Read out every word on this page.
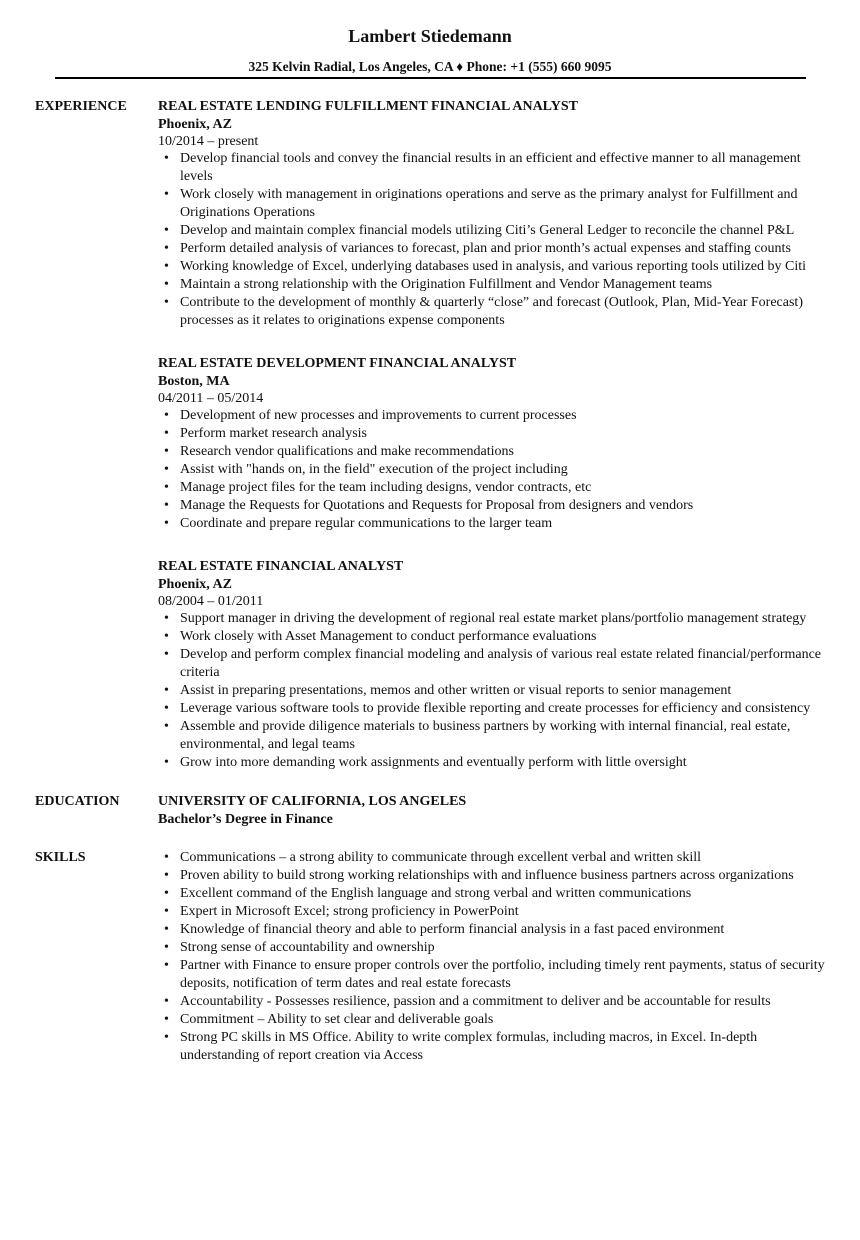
Lambert Stiedemann
325 Kelvin Radial, Los Angeles, CA ♦ Phone: +1 (555) 660 9095
EXPERIENCE	REAL ESTATE LENDING FULFILLMENT FINANCIAL ANALYST
Phoenix, AZ
10/2014 – present
• Develop financial tools and convey the financial results in an efficient and effective manner to all management levels
• Work closely with management in originations operations and serve as the primary analyst for Fulfillment and Originations Operations
• Develop and maintain complex financial models utilizing Citi’s General Ledger to reconcile the channel P&L
• Perform detailed analysis of variances to forecast, plan and prior month’s actual expenses and staffing counts
• Working knowledge of Excel, underlying databases used in analysis, and various reporting tools utilized by Citi
• Maintain a strong relationship with the Origination Fulfillment and Vendor Management teams
• Contribute to the development of monthly & quarterly “close” and forecast (Outlook, Plan, Mid-Year Forecast) processes as it relates to originations expense components
REAL ESTATE DEVELOPMENT FINANCIAL ANALYST
Boston, MA
04/2011 – 05/2014
• Development of new processes and improvements to current processes
• Perform market research analysis
• Research vendor qualifications and make recommendations
• Assist with "hands on, in the field" execution of the project including
• Manage project files for the team including designs, vendor contracts, etc
• Manage the Requests for Quotations and Requests for Proposal from designers and vendors
• Coordinate and prepare regular communications to the larger team
REAL ESTATE FINANCIAL ANALYST
Phoenix, AZ
08/2004 – 01/2011
• Support manager in driving the development of regional real estate market plans/portfolio management strategy
• Work closely with Asset Management to conduct performance evaluations
• Develop and perform complex financial modeling and analysis of various real estate related financial/performance criteria
• Assist in preparing presentations, memos and other written or visual reports to senior management
• Leverage various software tools to provide flexible reporting and create processes for efficiency and consistency
• Assemble and provide diligence materials to business partners by working with internal financial, real estate, environmental, and legal teams
• Grow into more demanding work assignments and eventually perform with little oversight
EDUCATION	UNIVERSITY OF CALIFORNIA, LOS ANGELES
Bachelor’s Degree in Finance
SKILLS	• Communications – a strong ability to communicate through excellent verbal and written skill
• Proven ability to build strong working relationships with and influence business partners across organizations
• Excellent command of the English language and strong verbal and written communications
• Expert in Microsoft Excel; strong proficiency in PowerPoint
• Knowledge of financial theory and able to perform financial analysis in a fast paced environment
• Strong sense of accountability and ownership
• Partner with Finance to ensure proper controls over the portfolio, including timely rent payments, status of security deposits, notification of term dates and real estate forecasts
• Accountability - Possesses resilience, passion and a commitment to deliver and be accountable for results
• Commitment – Ability to set clear and deliverable goals
• Strong PC skills in MS Office. Ability to write complex formulas, including macros, in Excel. In-depth understanding of report creation via Access
